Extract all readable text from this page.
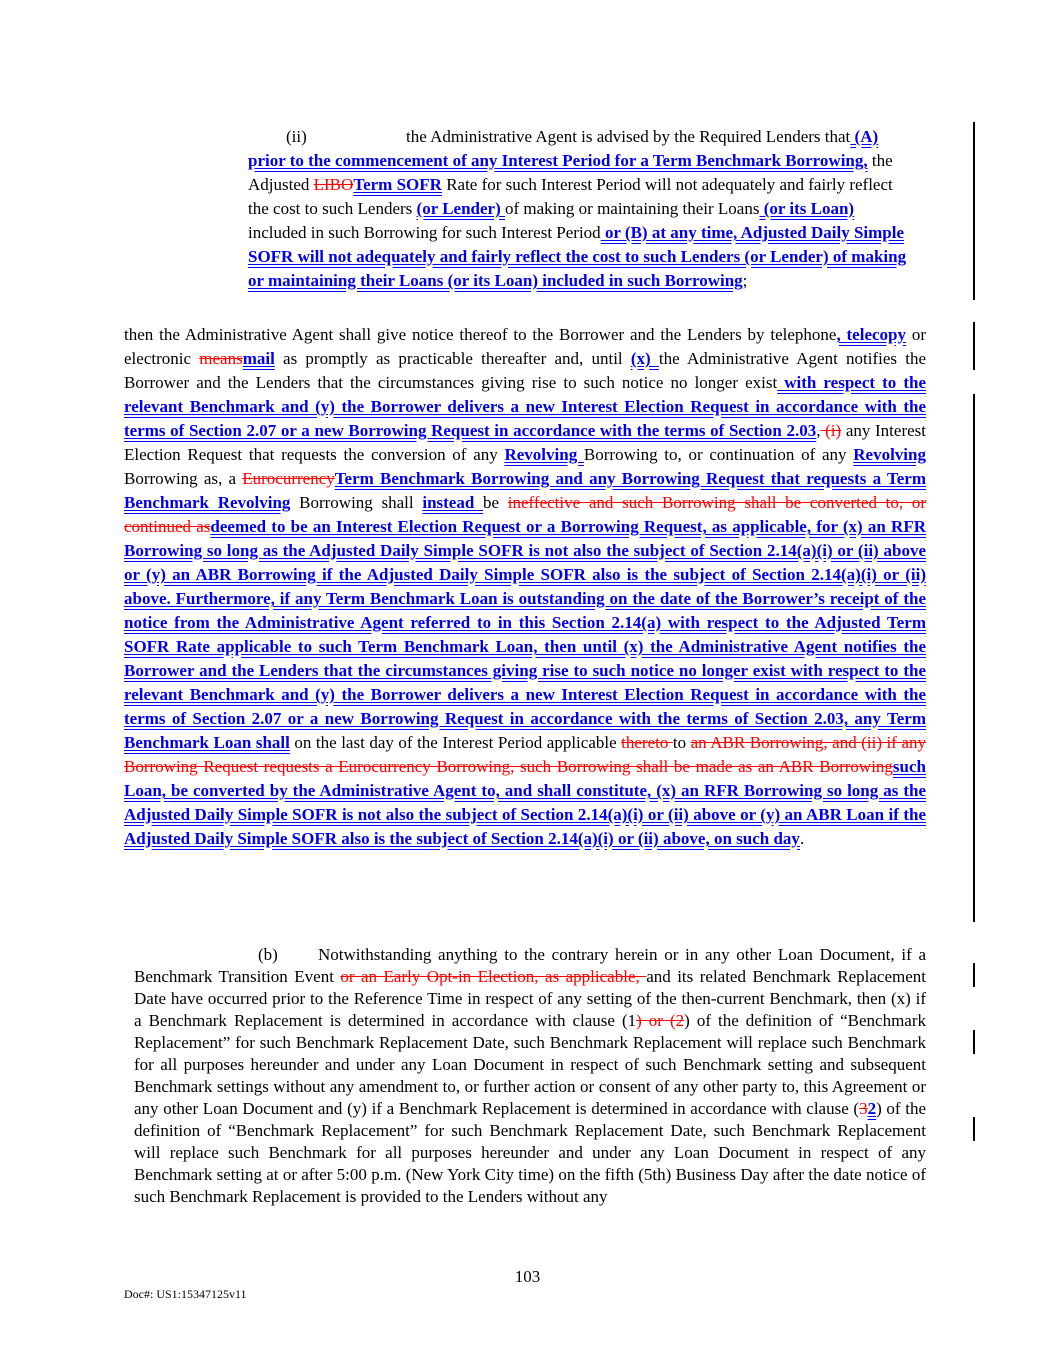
(ii)	the Administrative Agent is advised by the Required Lenders that (A) prior to the commencement of any Interest Period for a Term Benchmark Borrowing, the Adjusted LIBOTerm SOFR Rate for such Interest Period will not adequately and fairly reflect the cost to such Lenders (or Lender) of making or maintaining their Loans (or its Loan) included in such Borrowing for such Interest Period or (B) at any time, Adjusted Daily Simple SOFR will not adequately and fairly reflect the cost to such Lenders (or Lender) of making or maintaining their Loans (or its Loan) included in such Borrowing;
then the Administrative Agent shall give notice thereof to the Borrower and the Lenders by telephone, telecopy or electronic meansmail as promptly as practicable thereafter and, until (x) the Administrative Agent notifies the Borrower and the Lenders that the circumstances giving rise to such notice no longer exist with respect to the relevant Benchmark and (y) the Borrower delivers a new Interest Election Request in accordance with the terms of Section 2.07 or a new Borrowing Request in accordance with the terms of Section 2.03, (i) any Interest Election Request that requests the conversion of any Revolving Borrowing to, or continuation of any Revolving Borrowing as, a EurocurrencyTerm Benchmark Borrowing and any Borrowing Request that requests a Term Benchmark Revolving Borrowing shall instead be ineffective and such Borrowing shall be converted to, or continued asdeemed to be an Interest Election Request or a Borrowing Request, as applicable, for (x) an RFR Borrowing so long as the Adjusted Daily Simple SOFR is not also the subject of Section 2.14(a)(i) or (ii) above or (y) an ABR Borrowing if the Adjusted Daily Simple SOFR also is the subject of Section 2.14(a)(i) or (ii) above. Furthermore, if any Term Benchmark Loan is outstanding on the date of the Borrower’s receipt of the notice from the Administrative Agent referred to in this Section 2.14(a) with respect to the Adjusted Term SOFR Rate applicable to such Term Benchmark Loan, then until (x) the Administrative Agent notifies the Borrower and the Lenders that the circumstances giving rise to such notice no longer exist with respect to the relevant Benchmark and (y) the Borrower delivers a new Interest Election Request in accordance with the terms of Section 2.07 or a new Borrowing Request in accordance with the terms of Section 2.03, any Term Benchmark Loan shall on the last day of the Interest Period applicable thereto to an ABR Borrowing, and (ii) if any Borrowing Request requests a Eurocurrency Borrowing, such Borrowing shall be made as an ABR Borrowingsuch Loan, be converted by the Administrative Agent to, and shall constitute, (x) an RFR Borrowing so long as the Adjusted Daily Simple SOFR is not also the subject of Section 2.14(a)(i) or (ii) above or (y) an ABR Loan if the Adjusted Daily Simple SOFR also is the subject of Section 2.14(a)(i) or (ii) above, on such day.
(b) Notwithstanding anything to the contrary herein or in any other Loan Document, if a Benchmark Transition Event or an Early Opt-in Election, as applicable, and its related Benchmark Replacement Date have occurred prior to the Reference Time in respect of any setting of the then-current Benchmark, then (x) if a Benchmark Replacement is determined in accordance with clause (1) or (2) of the definition of “Benchmark Replacement” for such Benchmark Replacement Date, such Benchmark Replacement will replace such Benchmark for all purposes hereunder and under any Loan Document in respect of such Benchmark setting and subsequent Benchmark settings without any amendment to, or further action or consent of any other party to, this Agreement or any other Loan Document and (y) if a Benchmark Replacement is determined in accordance with clause (32) of the definition of “Benchmark Replacement” for such Benchmark Replacement Date, such Benchmark Replacement will replace such Benchmark for all purposes hereunder and under any Loan Document in respect of any Benchmark setting at or after 5:00 p.m. (New York City time) on the fifth (5th) Business Day after the date notice of such Benchmark Replacement is provided to the Lenders without any
103
Doc#: US1:15347125v11
